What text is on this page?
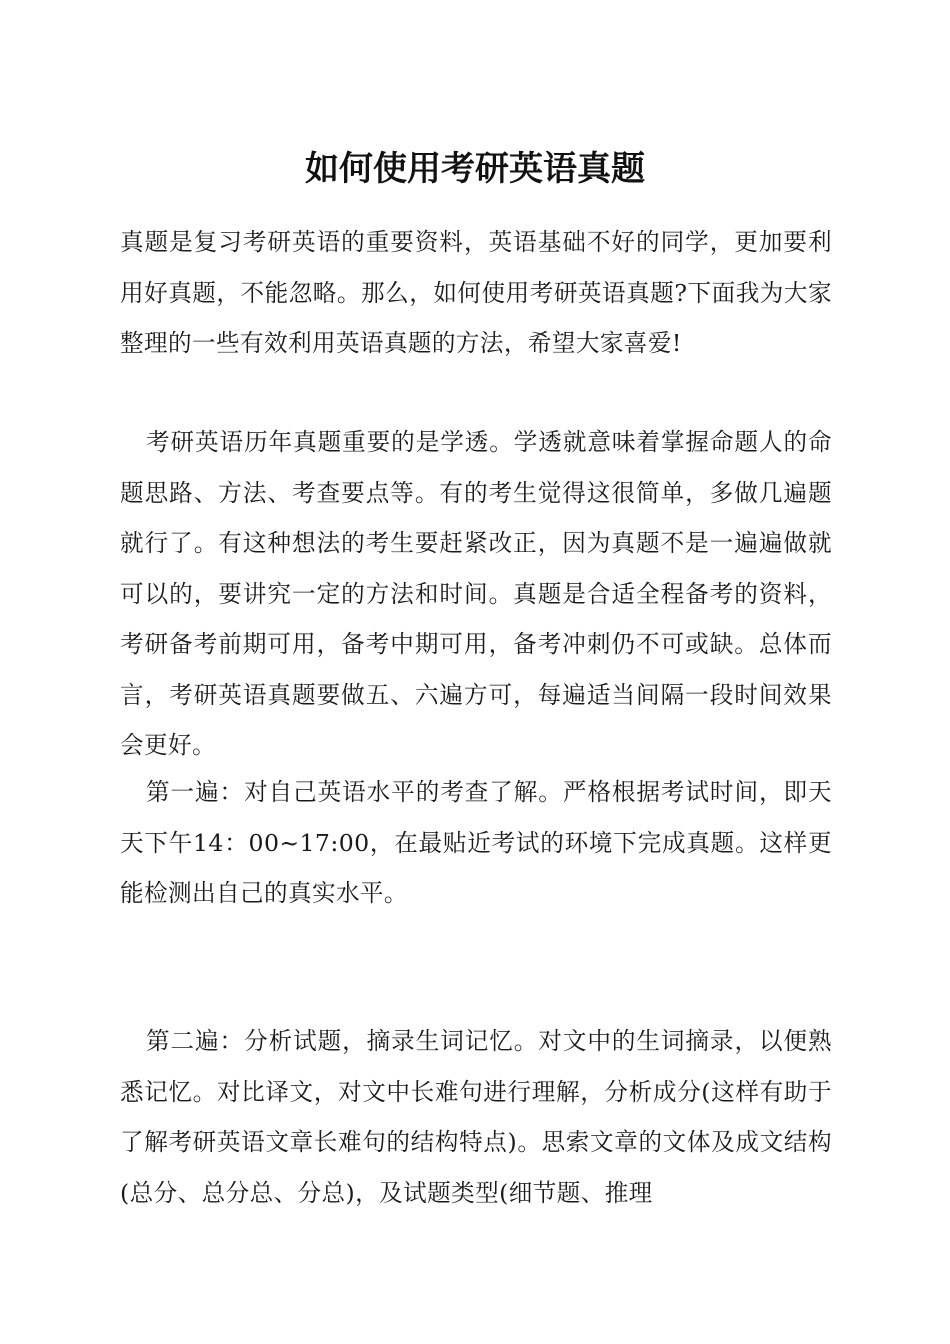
如何使用考研英语真题

真题是复习考研英语的重要资料，英语基础不好的同学，更加要利用好真题，不能忽略。那么，如何使用考研英语真题?下面我为大家整理的一些有效利用英语真题的方法，希望大家喜爱!

考研英语历年真题重要的是学透。学透就意味着掌握命题人的命题思路、方法、考查要点等。有的考生觉得这很简单，多做几遍题就行了。有这种想法的考生要赶紧改正，因为真题不是一遍遍做就可以的，要讲究一定的方法和时间。真题是合适全程备考的资料，考研备考前期可用，备考中期可用，备考冲刺仍不可或缺。总体而言，考研英语真题要做五、六遍方可，每遍适当间隔一段时间效果会更好。

第一遍：对自己英语水平的考查了解。严格根据考试时间，即天天下午14：00~17:00，在最贴近考试的环境下完成真题。这样更能检测出自己的真实水平。

第二遍：分析试题，摘录生词记忆。对文中的生词摘录，以便熟悉记忆。对比译文，对文中长难句进行理解，分析成分(这样有助于了解考研英语文章长难句的结构特点)。思索文章的文体及成文结构(总分、总分总、分总)，及试题类型(细节题、推理
